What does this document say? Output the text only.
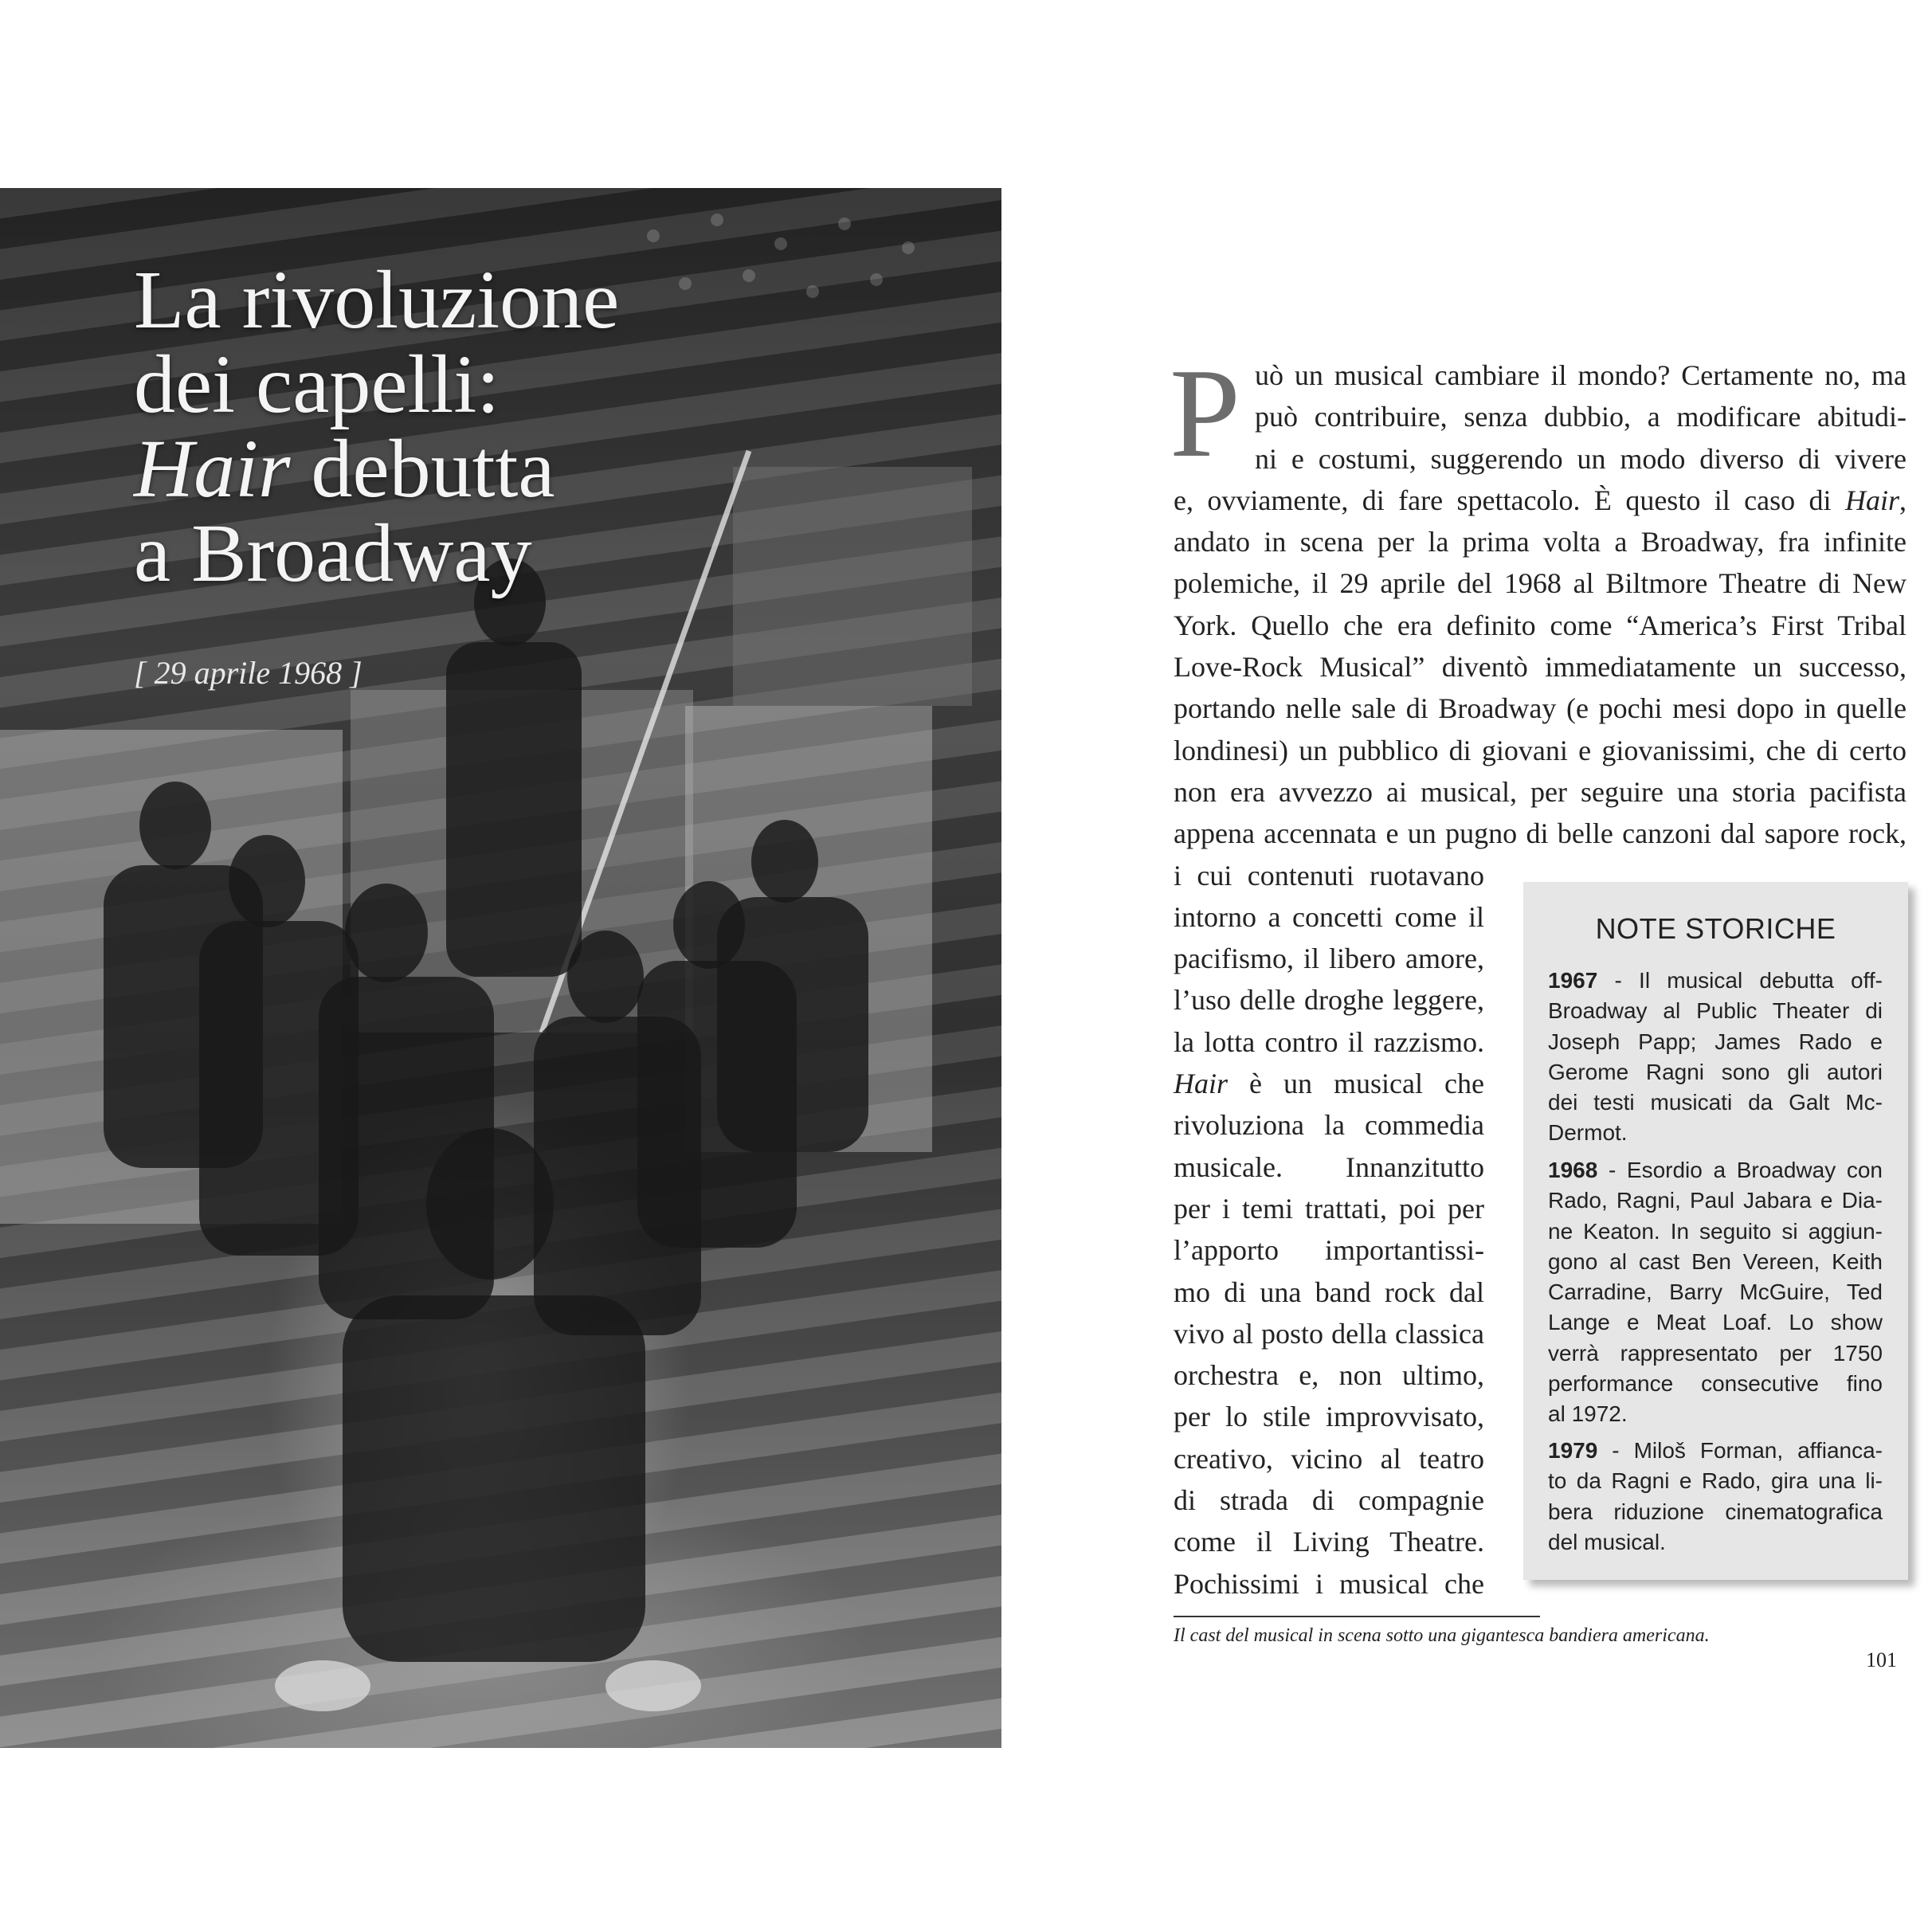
La rivoluzione
dei capelli:
Hair debutta
a Broadway
[ 29 aprile 1968 ]
P uò un musical cambiare il mondo? Certamente no, ma
può contribuire, senza dubbio, a modificare abitudi-
ni e costumi, suggerendo un modo diverso di vivere
e, ovviamente, di fare spettacolo. È questo il caso di Hair,
andato in scena per la prima volta a Broadway, fra infinite
polemiche, il 29 aprile del 1968 al Biltmore Theatre di New
York. Quello che era definito come “America’s First Tribal
Love-Rock Musical” diventò immediatamente un successo,
portando nelle sale di Broadway (e pochi mesi dopo in quelle
londinesi) un pubblico di giovani e giovanissimi, che di certo
non era avvezzo ai musical, per seguire una storia pacifista
appena accennata e un pugno di belle canzoni dal sapore rock,
i cui contenuti ruotavano
intorno a concetti come il
pacifismo, il libero amore,
l’uso delle droghe leggere,
la lotta contro il razzismo.
Hair è un musical che
rivoluziona la commedia
musicale. Innanzitutto
per i temi trattati, poi per
l’apporto importantissi-
mo di una band rock dal
vivo al posto della classica
orchestra e, non ultimo,
per lo stile improvvisato,
creativo, vicino al teatro
di strada di compagnie
come il Living Theatre.
Pochissimi i musical che
NOTE STORICHE
1967 - Il musical debutta off-
Broadway al Public Theater di
Joseph Papp; James Rado e
Gerome Ragni sono gli autori
dei testi musicati da Galt Mc-
Dermot.
1968 - Esordio a Broadway con
Rado, Ragni, Paul Jabara e Dia-
ne Keaton. In seguito si aggiun-
gono al cast Ben Vereen, Keith
Carradine, Barry McGuire, Ted
Lange e Meat Loaf. Lo show
verrà rappresentato per 1750
performance consecutive fino
al 1972.
1979 - Miloš Forman, affianca-
to da Ragni e Rado, gira una li-
bera riduzione cinematografica
del musical.
Il cast del musical in scena sotto una gigantesca bandiera americana.
101
